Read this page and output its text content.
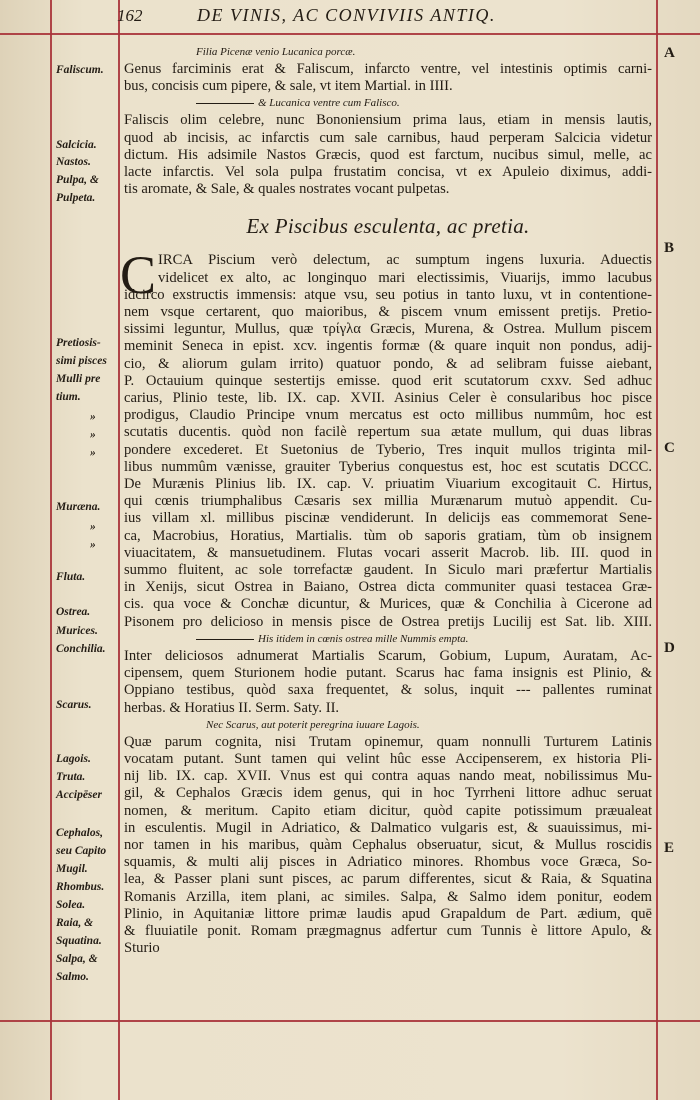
162	DE VINIS, AC CONVIVIIS ANTIQ.
A
B
C
D
E
Faliscum.
Salcicia.
Nastos.
Pulpa, &
Pulpeta.
Pretiosis-
simi pisces
Mulli pre
tium.
»
»
»
Muræna.
»
»
Fluta.
Ostrea.
Murices.
Conchilia.
Scarus.
Lagois.
Truta.
Accipēser
Cephalos,
seu Capito
Mugil.
Rhombus.
Solea.
Raia, &
Squatina.
Salpa, &
Salmo.
Filia Picenæ venio Lucanica porcæ.
Genus farciminis erat & Faliscum, infarcto ventre, vel intestinis optimis carni-
bus, concisis cum pipere, & sale, vt item Martial. in IIII.
& Lucanica ventre cum Falisco.
Faliscis olim celebre, nunc Bononiensium prima laus, etiam in mensis lautis,
quod ab incisis, ac infarctis cum sale carnibus, haud perperam Salcicia videtur
dictum. His adsimile Nastos Græcis, quod est farctum, nucibus simul, melle, ac
lacte infarctis. Vel sola pulpa frustatim concisa, vt ex Apuleio diximus, addi-
tis aromate, & Sale, & quales nostrates vocant pulpetas.
Ex Piscibus esculenta, ac pretia.
C IRCA Piscium verò delectum, ac sumptum ingens luxuria. Aduectis
videlicet ex alto, ac longinquo mari electissimis, Viuarijs, immo lacubus
idcirco exstructis immensis: atque vsu, seu potius in tanto luxu, vt in contentione-
nem vsque certarent, quo maioribus, & piscem vnum emissent pretijs. Pretio-
sissimi leguntur, Mullus, quæ τρίγλα Græcis, Murena, & Ostrea. Mullum piscem
meminit Seneca in epist. xcv. ingentis formæ (& quare inquit non pondus, adij-
cio, & aliorum gulam irrito) quatuor pondo, & ad selibram fuisse aiebant,
P. Octauium quinque sestertijs emisse. quod erit scutatorum cxxv. Sed adhuc
carius, Plinio teste, lib. IX. cap. XVII. Asinius Celer è consularibus hoc pisce
prodigus, Claudio Principe vnum mercatus est octo millibus nummûm, hoc est
scutatis ducentis. quòd non facilè repertum sua ætate mullum, qui duas libras
pondere excederet. Et Suetonius de Tyberio, Tres inquit mullos triginta mil-
libus nummûm vænisse, grauiter Tyberius conquestus est, hoc est scutatis DCCC.
De Murænis Plinius lib. IX. cap. V. priuatim Viuarium excogitauit C. Hirtus,
qui cœnis triumphalibus Cæsaris sex millia Murænarum mutuò appendit. Cu-
ius villam xl. millibus piscinæ vendiderunt. In delicijs eas commemorat Sene-
ca, Macrobius, Horatius, Martialis. tùm ob saporis gratiam, tùm ob insignem
viuacitatem, & mansuetudinem. Flutas vocari asserit Macrob. lib. III. quod in
summo fluitent, ac sole torrefactæ gaudent. In Siculo mari præfertur Martialis
in Xenijs, sicut Ostrea in Baiano, Ostrea dicta communiter quasi testacea Græ-
cis. qua voce & Conchæ dicuntur, & Murices, quæ & Conchilia à Cicerone ad
Pisonem pro delicioso in mensis pisce de Ostrea pretijs Lucilij est Sat. lib. XIII.
His itidem in cœnis ostrea mille Nummis empta.
Inter deliciosos adnumerat Martialis Scarum, Gobium, Lupum, Auratam, Ac-
cipensem, quem Sturionem hodie putant. Scarus hac fama insignis est Plinio, &
Oppiano testibus, quòd saxa frequentet, & solus, inquit --- pallentes ruminat
herbas. & Horatius II. Serm. Saty. II.
Nec Scarus, aut poterit peregrina iuuare Lagois.
Quæ parum cognita, nisi Trutam opinemur, quam nonnulli Turturem Latinis
vocatam putant. Sunt tamen qui velint hûc esse Accipenserem, ex historia Pli-
nij lib. IX. cap. XVII. Vnus est qui contra aquas nando meat, nobilissimus Mu-
gil, & Cephalos Græcis idem genus, qui in hoc Tyrrheni littore adhuc seruat
nomen, & meritum. Capito etiam dicitur, quòd capite potissimum præualeat
in esculentis. Mugil in Adriatico, & Dalmatico vulgaris est, & suauissimus, mi-
nor tamen in his maribus, quàm Cephalus obseruatur, sicut, & Mullus roscidis
squamis, & multi alij pisces in Adriatico minores. Rhombus voce Græca, So-
lea, & Passer plani sunt pisces, ac parum differentes, sicut & Raia, & Squatina
Romanis Arzilla, item plani, ac similes. Salpa, & Salmo idem ponitur, eodem
Plinio, in Aquitaniæ littore primæ laudis apud Grapaldum de Part. ædium, quē
& fluuiatile ponit. Romam prægmagnus adfertur cum Tunnis è littore Apulo, &
Sturio
